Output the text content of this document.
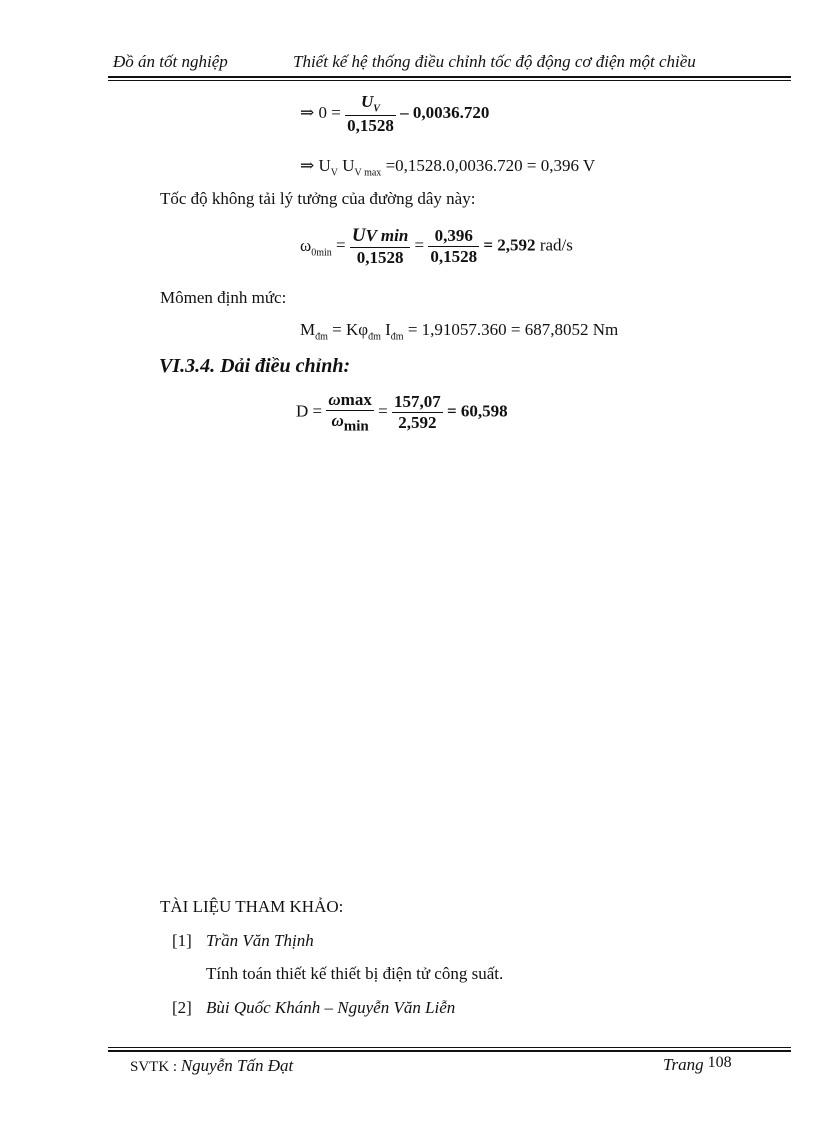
Đồ án tốt nghiệp	Thiết kế hệ thống điều chỉnh tốc độ động cơ điện một chiều
⇒ $0 = \frac{U_V}{0,1528} - 0,0036.720$
⇒ $U_V$ $U_{V max} =0,1528.0,0036.720 = 0,396$ V
Tốc độ không tải lý tưởng của đường dây này:
$\omega_{0min} = \frac{\text{UV min}}{0,1528} = \frac{0,396}{0,1528} = 2,592$ rad/s
Mômen định mức:
$M_{đm} = K\varphi_{đm}$ $I_{đm} = 1,91057.360 = 687,8052$ Nm
VI.3.4. Dải điều chỉnh:
$D = \frac{\omega\max}{\omega_{min}} = \frac{157,07}{2,592} = 60,598$
TÀI LIỆU THAM KHẢO:
[1] Trần Văn Thịnh
Tính toán thiết kế thiết bị điện tử công suất.
[2] Bùi Quốc Khánh – Nguyễn Văn Liễn
SVTK : Nguyễn Tấn Đạt	Trang 108
